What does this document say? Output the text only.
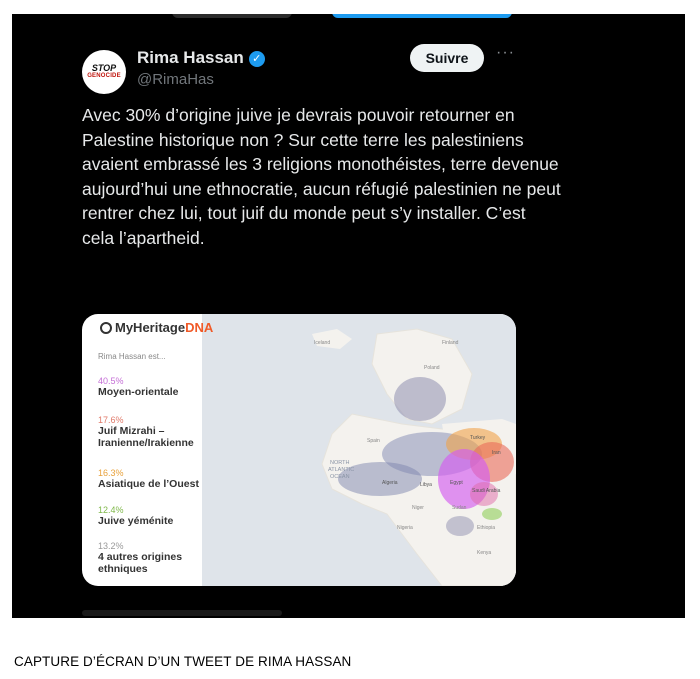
STOP
GENOCIDE
Rima Hassan ✓
@RimaHas
Suivre	···
Avec 30% d’origine juive je devrais pouvoir retourner en Palestine historique non ? Sur cette terre les palestiniens avaient embrassé les 3 religions monothéistes, terre devenue aujourd’hui une ethnocratie, aucun réfugié palestinien ne peut rentrer chez lui, tout juif du monde peut s’y installer. C’est cela l’apartheid.
NORTH
ATLANTIC
OCEAN
Iceland	Finland
Poland
Spain
Algeria	Libya	Egypt
Saudi Arabia
Iran
Turkey
Niger
Nigeria
Sudan
Ethiopia
Kenya
MyHeritage DNA
Rima Hassan est...
40.5%
Moyen-orientale
17.6%
Juif Mizrahi – Iranienne/Irakienne
16.3%
Asiatique de l’Ouest
12.4%
Juive yéménite
13.2%
4 autres origines ethniques
CAPTURE D’ÉCRAN D’UN TWEET DE RIMA HASSAN
